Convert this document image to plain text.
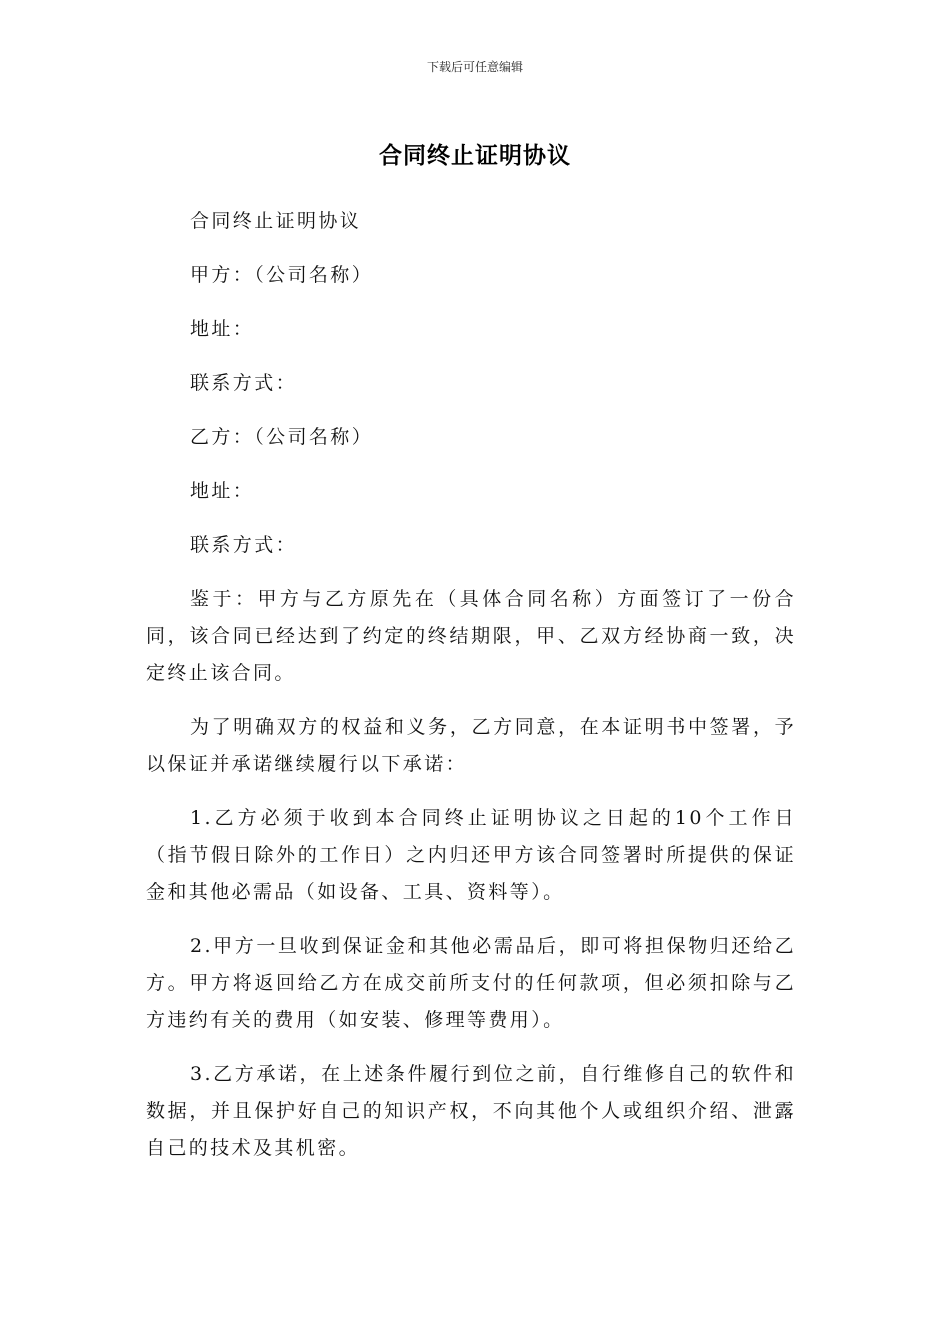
下载后可任意编辑
合同终止证明协议

合同终止证明协议

甲方：（公司名称）

地址：

联系方式：

乙方：（公司名称）

地址：

联系方式：

鉴于：甲方与乙方原先在（具体合同名称）方面签订了一份合同，该合同已经达到了约定的终结期限，甲、乙双方经协商一致，决定终止该合同。

为了明确双方的权益和义务，乙方同意，在本证明书中签署，予以保证并承诺继续履行以下承诺：

1.乙方必须于收到本合同终止证明协议之日起的10个工作日（指节假日除外的工作日）之内归还甲方该合同签署时所提供的保证金和其他必需品（如设备、工具、资料等）。

2.甲方一旦收到保证金和其他必需品后，即可将担保物归还给乙方。甲方将返回给乙方在成交前所支付的任何款项，但必须扣除与乙方违约有关的费用（如安装、修理等费用）。

3.乙方承诺，在上述条件履行到位之前，自行维修自己的软件和数据，并且保护好自己的知识产权，不向其他个人或组织介绍、泄露自己的技术及其机密。
